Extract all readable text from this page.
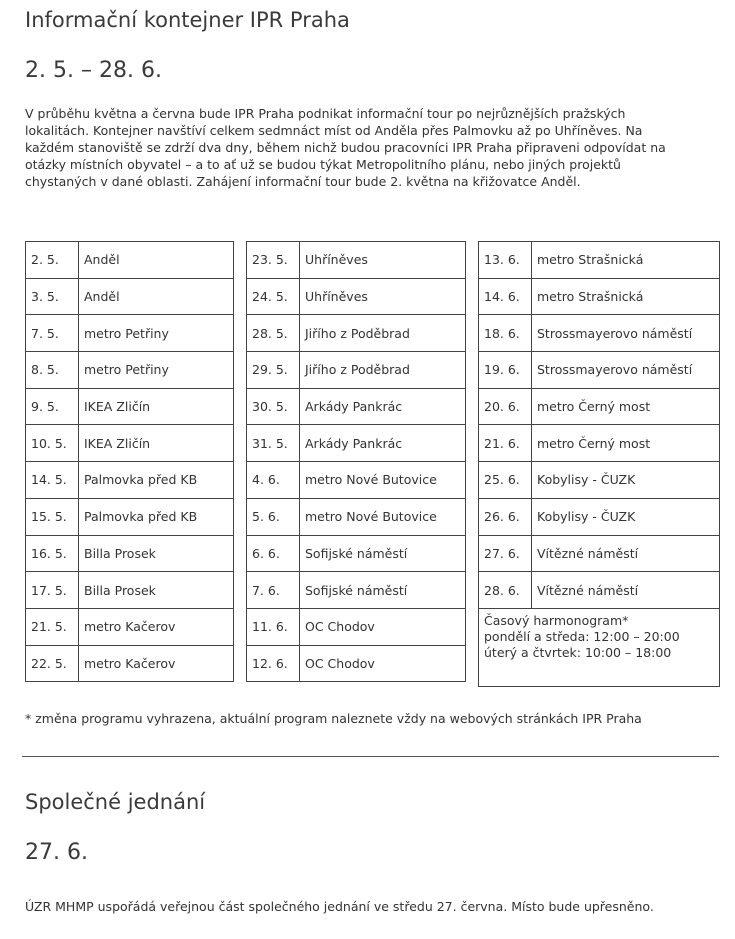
Informační kontejner IPR Praha
2. 5. – 28. 6.

V průběhu května a června bude IPR Praha podnikat informační tour po nejrůznějších pražských lokalitách. Kontejner navštíví celkem sedmnáct míst od Anděla přes Palmovku až po Uhříněves. Na každém stanoviště se zdrží dva dny, během nichž budou pracovníci IPR Praha připraveni odpovídat na otázky místních obyvatel – a to ať už se budou týkat Metropolitního plánu, nebo jiných projektů chystaných v dané oblasti. Zahájení informační tour bude 2. května na křižovatce Anděl.

2. 5.	Anděl
3. 5.	Anděl
7. 5.	metro Petřiny
8. 5.	metro Petřiny
9. 5.	IKEA Zličín
10. 5.	IKEA Zličín
14. 5.	Palmovka před KB
15. 5.	Palmovka před KB
16. 5.	Billa Prosek
17. 5.	Billa Prosek
21. 5.	metro Kačerov
22. 5.	metro Kačerov
23. 5.	Uhříněves
24. 5.	Uhříněves
28. 5.	Jiřího z Poděbrad
29. 5.	Jiřího z Poděbrad
30. 5.	Arkády Pankrác
31. 5.	Arkády Pankrác
4. 6.	metro Nové Butovice
5. 6.	metro Nové Butovice
6. 6.	Sofijské náměstí
7. 6.	Sofijské náměstí
11. 6.	OC Chodov
12. 6.	OC Chodov
13. 6.	metro Strašnická
14. 6.	metro Strašnická
18. 6.	Strossmayerovo náměstí
19. 6.	Strossmayerovo náměstí
20. 6.	metro Černý most
21. 6.	metro Černý most
25. 6.	Kobylisy - ČUZK
26. 6.	Kobylisy - ČUZK
27. 6.	Vítězné náměstí
28. 6.	Vítězné náměstí

Časový harmonogram*
pondělí a středa: 12:00 – 20:00
úterý a čtvrtek: 10:00 – 18:00	
* změna programu vyhrazena, aktuální program naleznete vždy na webových stránkách IPR Praha
Společné jednání
27. 6.
ÚZR MHMP uspořádá veřejnou část společného jednání ve středu 27. června. Místo bude upřesněno.
